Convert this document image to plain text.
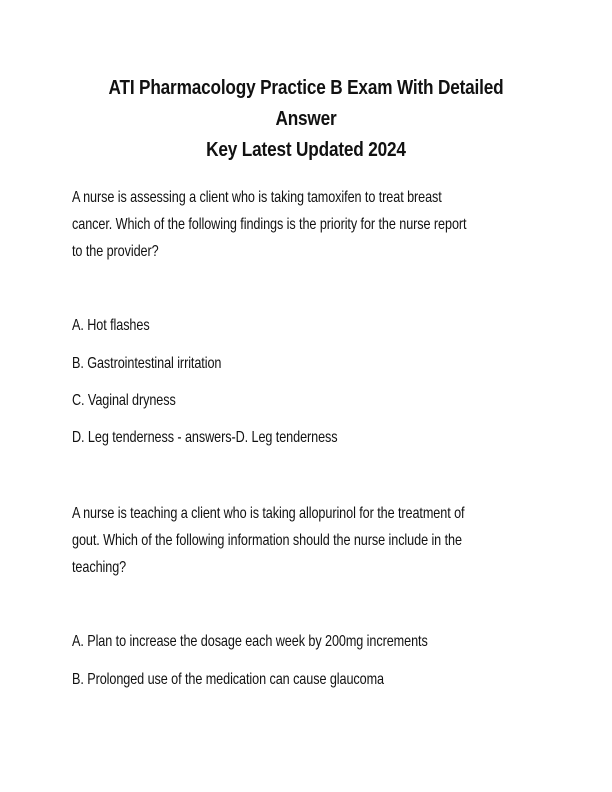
ATI Pharmacology Practice B Exam With Detailed Answer
Key Latest Updated 2024
A nurse is assessing a client who is taking tamoxifen to treat breast
cancer. Which of the following findings is the priority for the nurse report
to the provider?
A. Hot flashes
B. Gastrointestinal irritation
C. Vaginal dryness
D. Leg tenderness - answers-D. Leg tenderness
A nurse is teaching a client who is taking allopurinol for the treatment of
gout. Which of the following information should the nurse include in the
teaching?
A. Plan to increase the dosage each week by 200mg increments
B. Prolonged use of the medication can cause glaucoma
